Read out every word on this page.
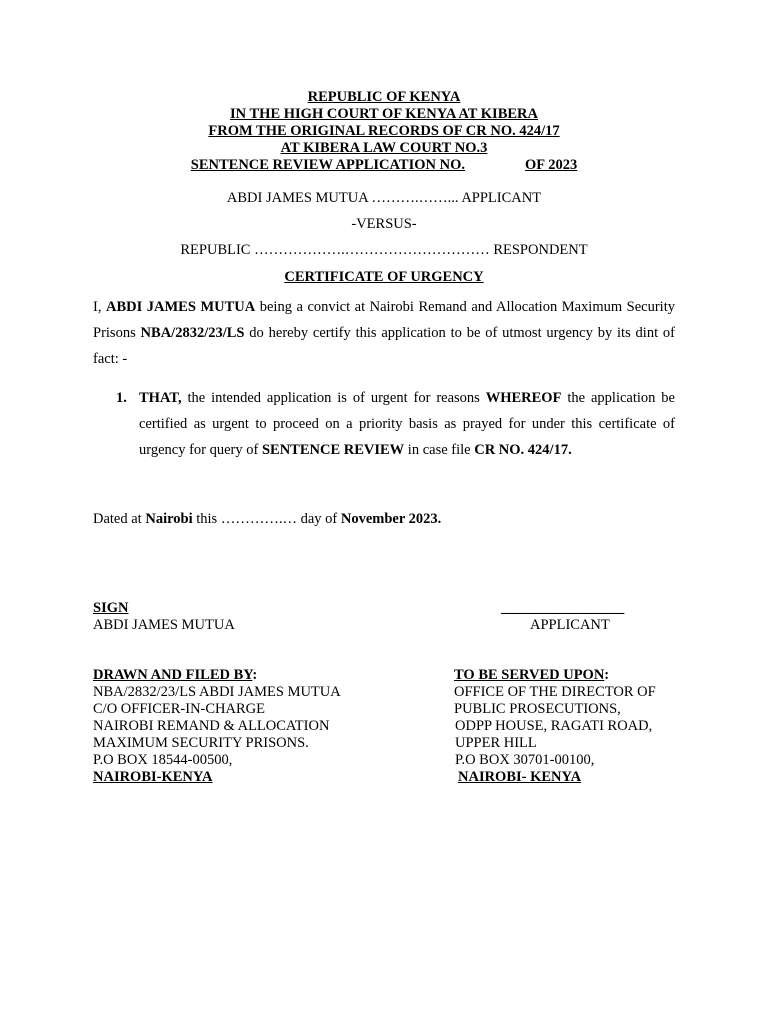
REPUBLIC OF KENYA
IN THE HIGH COURT OF KENYA AT KIBERA
FROM THE ORIGINAL RECORDS OF CR NO. 424/17
AT KIBERA LAW COURT NO.3
SENTENCE REVIEW APPLICATION NO.	OF 2023
ABDI JAMES MUTUA ……….……... APPLICANT
-VERSUS-
REPUBLIC ……………….………………………… RESPONDENT
CERTIFICATE OF URGENCY
I, ABDI JAMES MUTUA being a convict at Nairobi Remand and Allocation Maximum Security Prisons NBA/2832/23/LS do hereby certify this application to be of utmost urgency by its dint of fact: -
1. THAT, the intended application is of urgent for reasons WHEREOF the application be certified as urgent to proceed on a priority basis as prayed for under this certificate of urgency for query of SENTENCE REVIEW in case file CR NO. 424/17.
Dated at Nairobi this ………….… day of November 2023.
SIGN	_________________
ABDI JAMES MUTUA	APPLICANT
DRAWN AND FILED BY:
NBA/2832/23/LS ABDI JAMES MUTUA
C/O OFFICER-IN-CHARGE
NAIROBI REMAND & ALLOCATION
MAXIMUM SECURITY PRISONS.
P.O BOX 18544-00500,
NAIROBI-KENYA
TO BE SERVED UPON:
OFFICE OF THE DIRECTOR OF
PUBLIC PROSECUTIONS,
ODPP HOUSE, RAGATI ROAD,
UPPER HILL
P.O BOX 30701-00100,
NAIROBI- KENYA
